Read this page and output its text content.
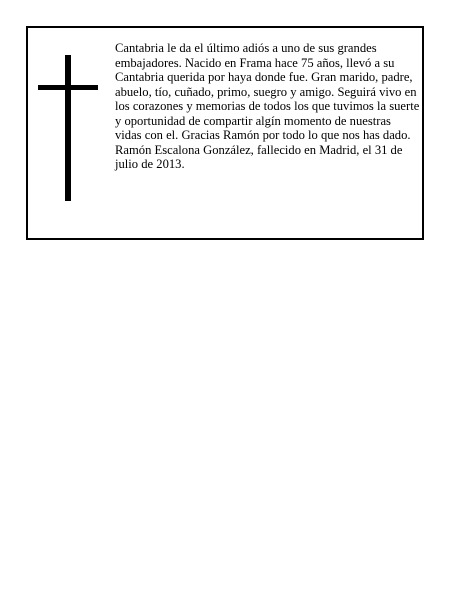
Cantabria le da el último adiós a uno de sus grandes embajadores. Nacido en Frama hace 75 años, llevó a su Cantabria querida por haya donde fue. Gran marido, padre, abuelo, tío, cuñado, primo, suegro y amigo. Seguirá vivo en los corazones y memorias de todos los que tuvimos la suerte y oportunidad de compartir algín momento de nuestras vidas con el. Gracias Ramón por todo lo que nos has dado. Ramón Escalona González, fallecido en Madrid, el 31 de julio de 2013.
